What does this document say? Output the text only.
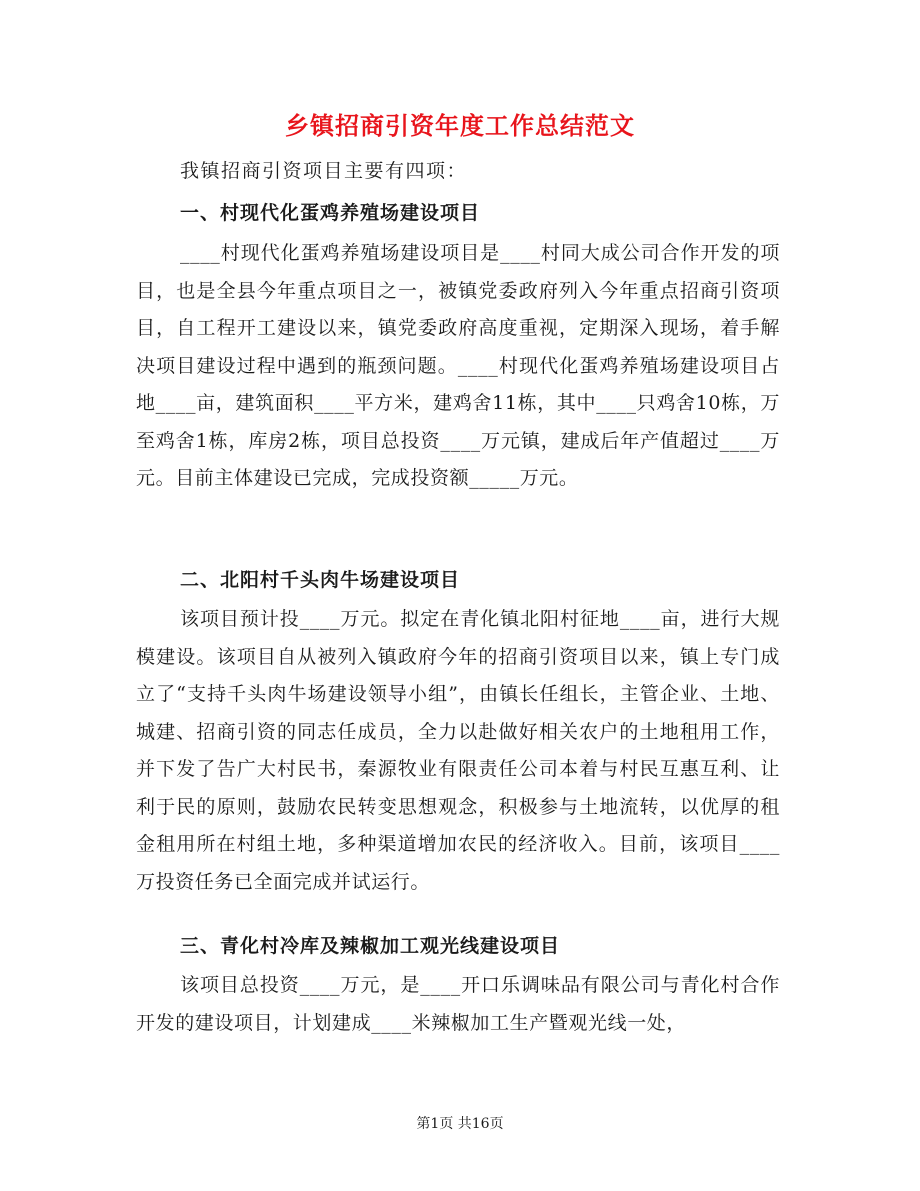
乡镇招商引资年度工作总结范文
我镇招商引资项目主要有四项：
一、村现代化蛋鸡养殖场建设项目

____村现代化蛋鸡养殖场建设项目是____村同大成公司合作开发的项目，也是全县今年重点项目之一，被镇党委政府列入今年重点招商引资项目，自工程开工建设以来，镇党委政府高度重视，定期深入现场，着手解决项目建设过程中遇到的瓶颈问题。____村现代化蛋鸡养殖场建设项目占地____亩，建筑面积____平方米，建鸡舍11栋，其中____只鸡舍10栋，万至鸡舍1栋，库房2栋，项目总投资____万元镇，建成后年产值超过____万元。目前主体建设已完成，完成投资额_____万元。

二、北阳村千头肉牛场建设项目

该项目预计投____万元。拟定在青化镇北阳村征地____亩，进行大规模建设。该项目自从被列入镇政府今年的招商引资项目以来，镇上专门成立了“支持千头肉牛场建设领导小组”，由镇长任组长，主管企业、土地、城建、招商引资的同志任成员，全力以赴做好相关农户的土地租用工作，并下发了告广大村民书，秦源牧业有限责任公司本着与村民互惠互利、让利于民的原则，鼓励农民转变思想观念，积极参与土地流转，以优厚的租金租用所在村组土地，多种渠道增加农民的经济收入。目前，该项目____万投资任务已全面完成并试运行。

三、青化村冷库及辣椒加工观光线建设项目

该项目总投资____万元，是____开口乐调味品有限公司与青化村合作开发的建设项目，计划建成____米辣椒加工生产暨观光线一处，

第1页 共16页
